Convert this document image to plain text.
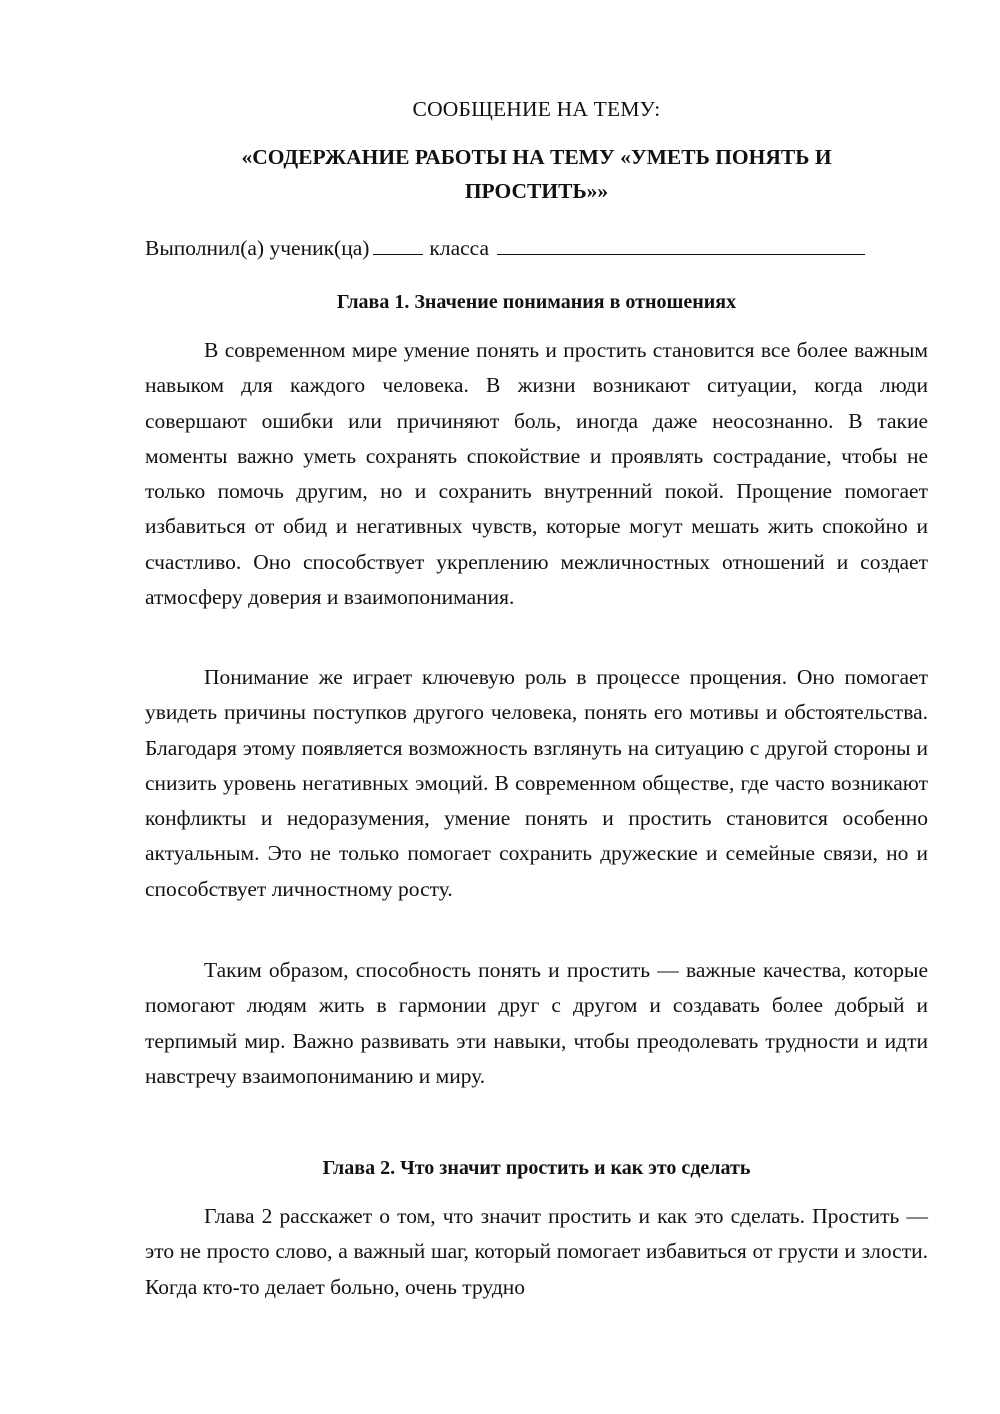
СООБЩЕНИЕ НА ТЕМУ:
«СОДЕРЖАНИЕ РАБОТЫ НА ТЕМУ «УМЕТЬ ПОНЯТЬ И ПРОСТИТЬ»»
Выполнил(а) ученик(ца)	класса
Глава 1. Значение понимания в отношениях

В современном мире умение понять и простить становится все более важным навыком для каждого человека. В жизни возникают ситуации, когда люди совершают ошибки или причиняют боль, иногда даже неосознанно. В такие моменты важно уметь сохранять спокойствие и проявлять сострадание, чтобы не только помочь другим, но и сохранить внутренний покой. Прощение помогает избавиться от обид и негативных чувств, которые могут мешать жить спокойно и счастливо. Оно способствует укреплению межличностных отношений и создает атмосферу доверия и взаимопонимания.

Понимание же играет ключевую роль в процессе прощения. Оно помогает увидеть причины поступков другого человека, понять его мотивы и обстоятельства. Благодаря этому появляется возможность взглянуть на ситуацию с другой стороны и снизить уровень негативных эмоций. В современном обществе, где часто возникают конфликты и недоразумения, умение понять и простить становится особенно актуальным. Это не только помогает сохранить дружеские и семейные связи, но и способствует личностному росту.

Таким образом, способность понять и простить — важные качества, которые помогают людям жить в гармонии друг с другом и создавать более добрый и терпимый мир. Важно развивать эти навыки, чтобы преодолевать трудности и идти навстречу взаимопониманию и миру.

Глава 2. Что значит простить и как это сделать

Глава 2 расскажет о том, что значит простить и как это сделать. Простить — это не просто слово, а важный шаг, который помогает избавиться от грусти и злости. Когда кто-то делает больно, очень трудно
